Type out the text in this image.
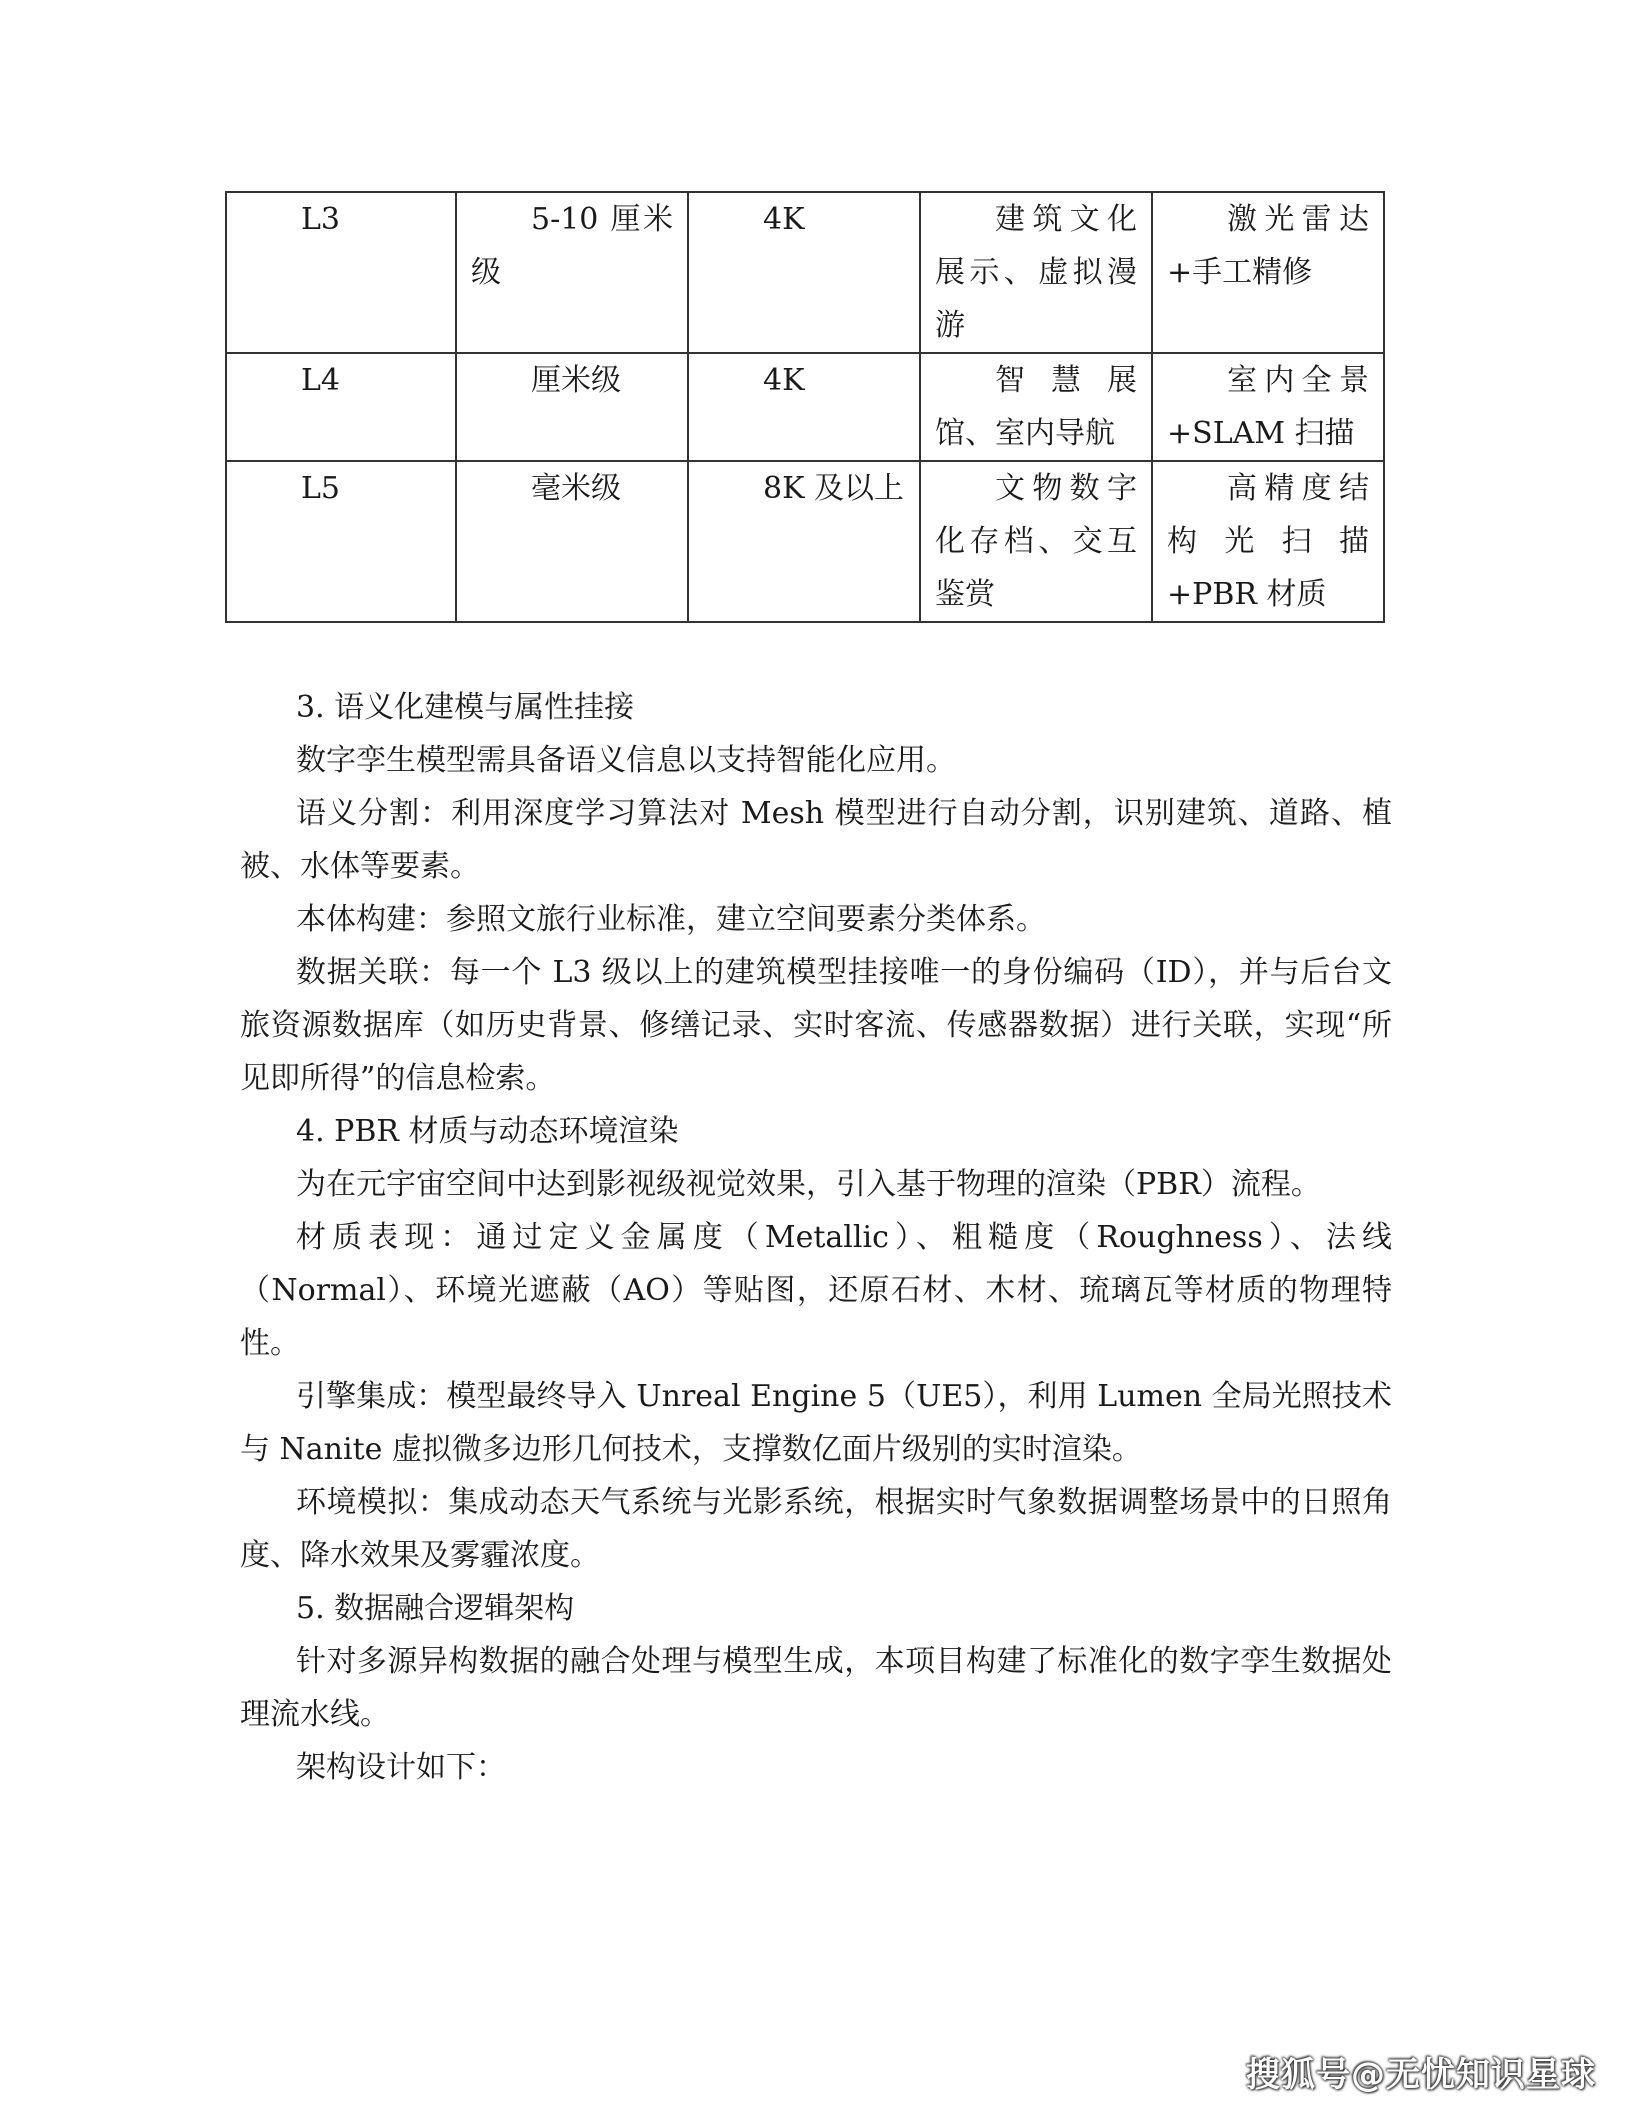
L3	5-10 厘米级	4K	建筑文化展示、虚拟漫游	激光雷达+手工精修
L4	厘米级	4K	智慧展馆、室内导航	室内全景+SLAM 扫描
L5	毫米级	8K 及以上	文物数字化存档、交互鉴赏	高精度结构光扫描+PBR 材质

3. 语义化建模与属性挂接

数字孪生模型需具备语义信息以支持智能化应用。

语义分割：利用深度学习算法对 Mesh 模型进行自动分割，识别建筑、道路、植被、水体等要素。

本体构建：参照文旅行业标准，建立空间要素分类体系。

数据关联：每一个 L3 级以上的建筑模型挂接唯一的身份编码（ID），并与后台文旅资源数据库（如历史背景、修缮记录、实时客流、传感器数据）进行关联，实现“所见即所得”的信息检索。

4. PBR 材质与动态环境渲染

为在元宇宙空间中达到影视级视觉效果，引入基于物理的渲染（PBR）流程。

材质表现：通过定义金属度（Metallic）、粗糙度（Roughness）、法线（Normal）、环境光遮蔽（AO）等贴图，还原石材、木材、琉璃瓦等材质的物理特性。

引擎集成：模型最终导入 Unreal Engine 5（UE5），利用 Lumen 全局光照技术与 Nanite 虚拟微多边形几何技术，支撑数亿面片级别的实时渲染。

环境模拟：集成动态天气系统与光影系统，根据实时气象数据调整场景中的日照角度、降水效果及雾霾浓度。

5. 数据融合逻辑架构

针对多源异构数据的融合处理与模型生成，本项目构建了标准化的数字孪生数据处理流水线。

架构设计如下：

搜狐号@无忧知识星球
